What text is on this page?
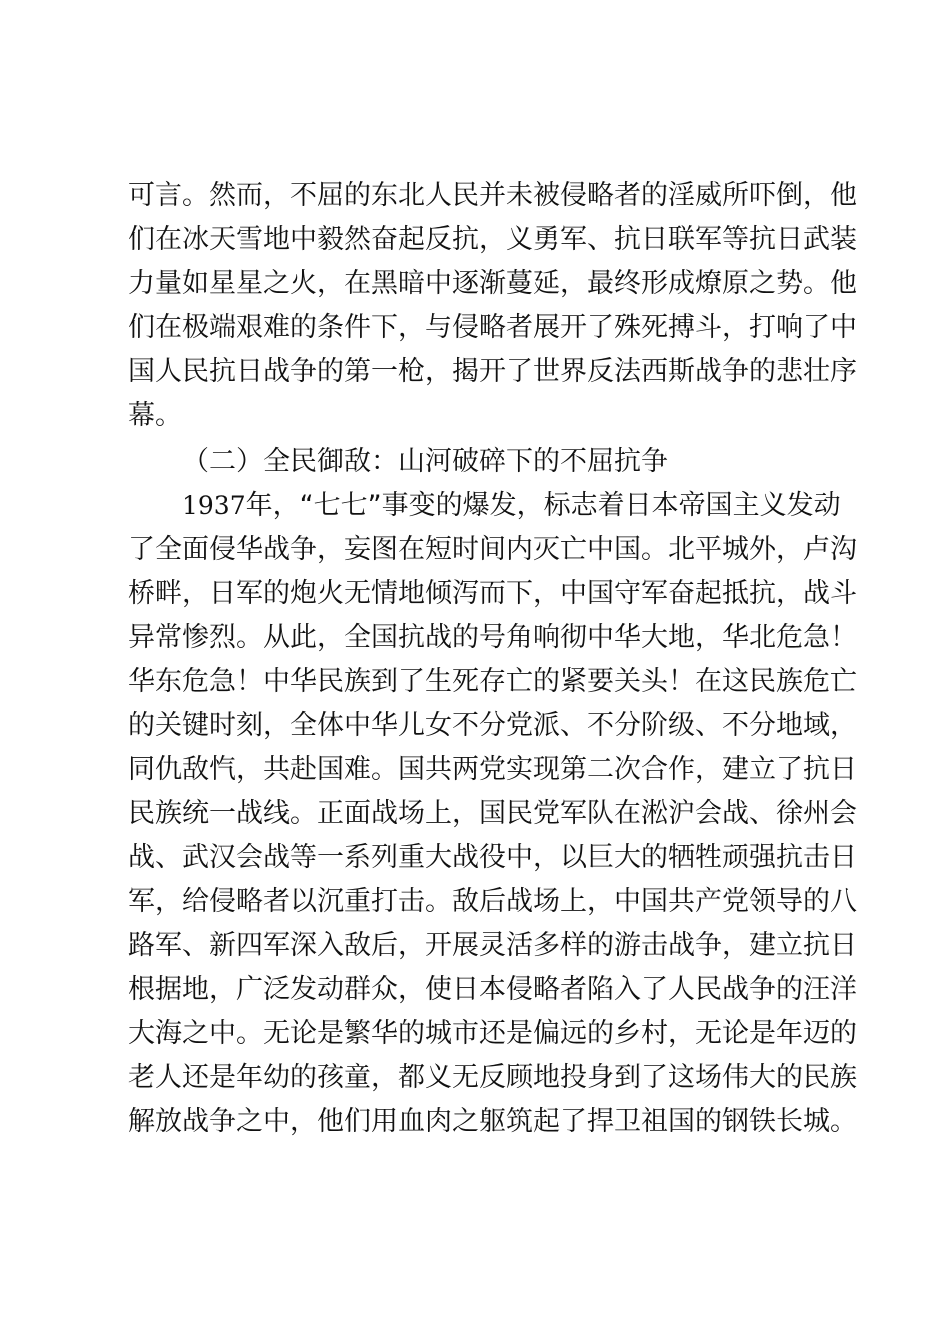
可言。然而，不屈的东北人民并未被侵略者的淫威所吓倒，他
们在冰天雪地中毅然奋起反抗，义勇军、抗日联军等抗日武装
力量如星星之火，在黑暗中逐渐蔓延，最终形成燎原之势。他
们在极端艰难的条件下，与侵略者展开了殊死搏斗，打响了中
国人民抗日战争的第一枪，揭开了世界反法西斯战争的悲壮序
幕。
（二）全民御敌：山河破碎下的不屈抗争
1937年，“七七”事变的爆发，标志着日本帝国主义发动
了全面侵华战争，妄图在短时间内灭亡中国。北平城外，卢沟
桥畔，日军的炮火无情地倾泻而下，中国守军奋起抵抗，战斗
异常惨烈。从此，全国抗战的号角响彻中华大地，华北危急！
华东危急！中华民族到了生死存亡的紧要关头！在这民族危亡
的关键时刻，全体中华儿女不分党派、不分阶级、不分地域，
同仇敌忾，共赴国难。国共两党实现第二次合作，建立了抗日
民族统一战线。正面战场上，国民党军队在淞沪会战、徐州会
战、武汉会战等一系列重大战役中，以巨大的牺牲顽强抗击日
军，给侵略者以沉重打击。敌后战场上，中国共产党领导的八
路军、新四军深入敌后，开展灵活多样的游击战争，建立抗日
根据地，广泛发动群众，使日本侵略者陷入了人民战争的汪洋
大海之中。无论是繁华的城市还是偏远的乡村，无论是年迈的
老人还是年幼的孩童，都义无反顾地投身到了这场伟大的民族
解放战争之中，他们用血肉之躯筑起了捍卫祖国的钢铁长城。
